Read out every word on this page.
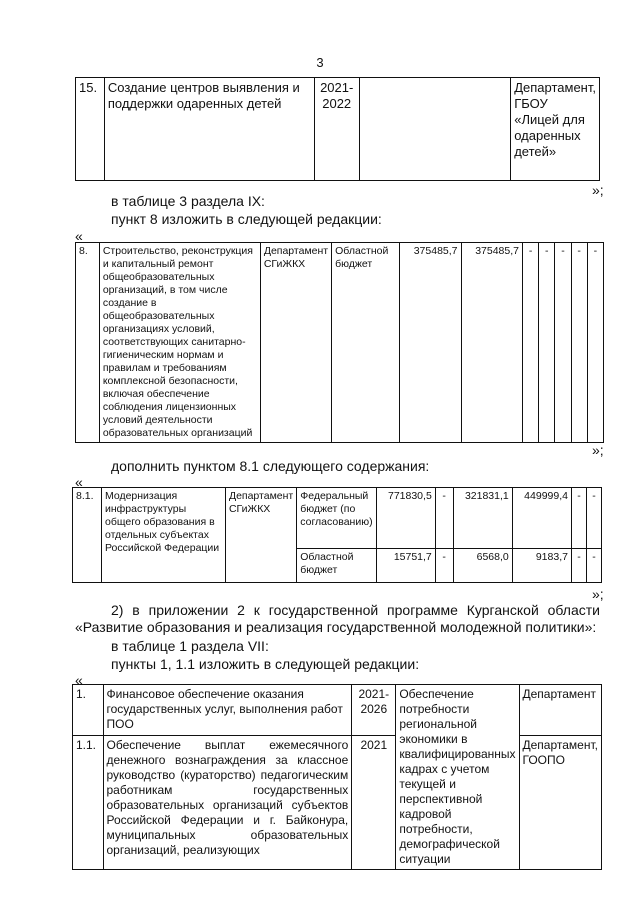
3
15.	Создание центров выявления и поддержки одаренных детей	2021-2022		Департамент, ГБОУ «Лицей для одаренных детей»
»;
в таблице 3 раздела IX:
пункт 8 изложить в следующей редакции:
«
8.	Строительство, реконструкция и капитальный ремонт общеобразовательных организаций, в том числе создание в общеобразовательных организациях условий, соответствующих санитарно-гигиеническим нормам и правилам и требованиям комплексной безопасности, включая обеспечение соблюдения лицензионных условий деятельности образовательных организаций	Департамент СГиЖКХ	Областной бюджет	375485,7	375485,7	-	-	-	-	-
»;
дополнить пунктом 8.1 следующего содержания:
«
8.1.	Модернизация инфраструктуры общего образования в отдельных субъектах Российской Федерации	Департамент СГиЖКХ	Федеральный бюджет (по согласованию)	771830,5	-	321831,1	449999,4	-	-
			Областной бюджет	15751,7	-	6568,0	9183,7	-	-
»;
2) в приложении 2 к государственной программе Курганской области «Развитие образования и реализация государственной молодежной политики»:
в таблице 1 раздела VII:
пункты 1, 1.1 изложить в следующей редакции:
«
1.	Финансовое обеспечение оказания государственных услуг, выполнения работ ПОО	2021-2026	Обеспечение потребности региональной экономики в квалифицированных кадрах с учетом текущей и перспективной кадровой потребности, демографической ситуации	Департамент
1.1.	Обеспечение выплат ежемесячного денежного вознаграждения за классное руководство (кураторство) педагогическим работникам государственных образовательных организаций субъектов Российской Федерации и г. Байконура, муниципальных образовательных организаций, реализующих	2021		Департамент, ГООПО
